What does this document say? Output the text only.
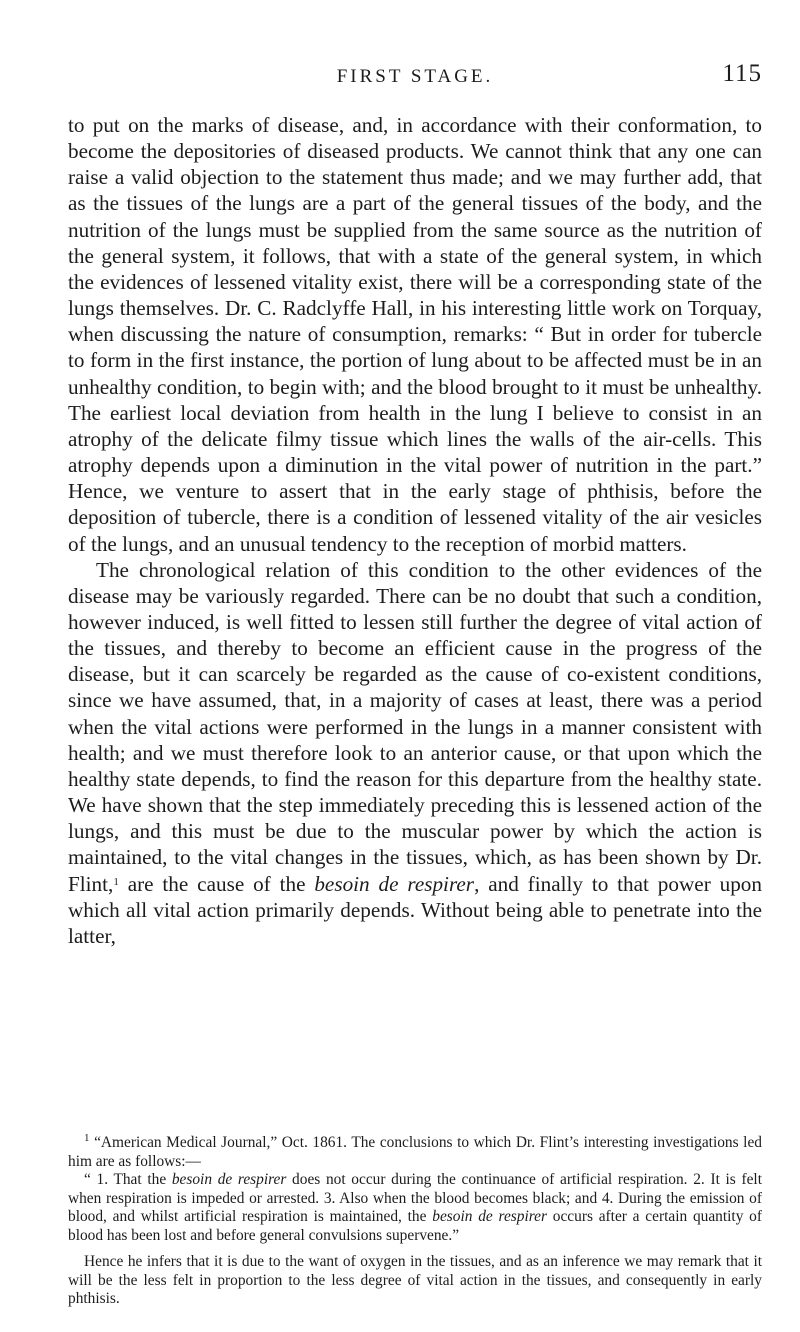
FIRST STAGE.	115

to put on the marks of disease, and, in accordance with their conformation, to become the depositories of diseased products. We cannot think that any one can raise a valid objection to the statement thus made; and we may further add, that as the tissues of the lungs are a part of the general tissues of the body, and the nutrition of the lungs must be supplied from the same source as the nutrition of the general system, it follows, that with a state of the general system, in which the evidences of lessened vitality exist, there will be a corresponding state of the lungs themselves. Dr. C. Radclyffe Hall, in his interesting little work on Torquay, when discussing the nature of consumption, remarks: “ But in order for tubercle to form in the first instance, the portion of lung about to be affected must be in an unhealthy condition, to begin with; and the blood brought to it must be unhealthy. The earliest local deviation from health in the lung I believe to consist in an atrophy of the delicate filmy tissue which lines the walls of the air-cells. This atrophy depends upon a diminution in the vital power of nutrition in the part.” Hence, we venture to assert that in the early stage of phthisis, before the deposition of tubercle, there is a condition of lessened vitality of the air vesicles of the lungs, and an unusual tendency to the reception of morbid matters.

The chronological relation of this condition to the other evidences of the disease may be variously regarded. There can be no doubt that such a condition, however induced, is well fitted to lessen still further the degree of vital action of the tissues, and thereby to become an efficient cause in the progress of the disease, but it can scarcely be regarded as the cause of co-existent conditions, since we have assumed, that, in a majority of cases at least, there was a period when the vital actions were performed in the lungs in a manner consistent with health; and we must therefore look to an anterior cause, or that upon which the healthy state depends, to find the reason for this departure from the healthy state. We have shown that the step immediately preceding this is lessened action of the lungs, and this must be due to the muscular power by which the action is maintained, to the vital changes in the tissues, which, as has been shown by Dr. Flint,$^1$ are the cause of the besoin de respirer, and finally to that power upon which all vital action primarily depends. Without being able to penetrate into the latter,

$^1$ “American Medical Journal,” Oct. 1861. The conclusions to which Dr. Flint’s interesting investigations led him are as follows:—

“ 1. That the besoin de respirer does not occur during the continuance of artificial respiration. 2. It is felt when respiration is impeded or arrested. 3. Also when the blood becomes black; and 4. During the emission of blood, and whilst artificial respiration is maintained, the besoin de respirer occurs after a certain quantity of blood has been lost and before general convulsions supervene.”

Hence he infers that it is due to the want of oxygen in the tissues, and as an inference we may remark that it will be the less felt in proportion to the less degree of vital action in the tissues, and consequently in early phthisis.
